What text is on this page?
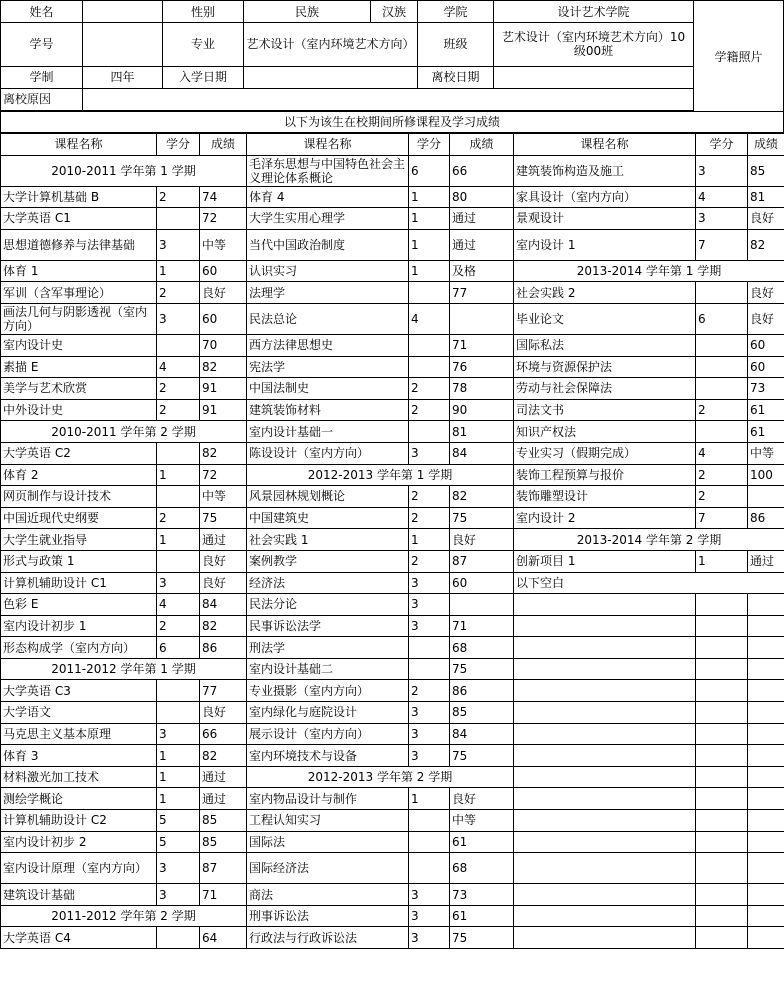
姓名		性别	民族	汉族	学院	设计艺术学院
学号		专业	艺术设计（室内环境艺术方向）		班级	艺术设计（室内环境艺术方向）10级00班
学制	四年	入学日期			离校日期	
离校原因						
学籍照片
以下为该生在校期间所修课程及学习成绩
课程名称	学分	成绩	课程名称	学分	成绩	课程名称	学分	成绩
2010-2011 学年第 1 学期			毛泽东思想与中国特色社会主义理论体系概论	6	66	建筑装饰构造及施工	3	85
大学计算机基础 B	2	74	体育 4	1	80	家具设计（室内方向）	4	81
大学英语 C1		72	大学生实用心理学	1	通过	景观设计	3	良好
思想道德修养与法律基础	3	中等	当代中国政治制度	1	通过	室内设计 1	7	82
体育 1	1	60	认识实习	1	及格	2013-2014 学年第 1 学期		
军训（含军事理论）	2	良好	法理学		77	社会实践 2		良好
画法几何与阴影透视（室内方向）	3	60	民法总论	4		毕业论文	6	良好
室内设计史		70	西方法律思想史		71	国际私法		60
素描 E	4	82	宪法学		76	环境与资源保护法		60
美学与艺术欣赏	2	91	中国法制史	2	78	劳动与社会保障法		73
中外设计史	2	91	建筑装饰材料	2	90	司法文书	2	61
2010-2011 学年第 2 学期			室内设计基础一		81	知识产权法		61
大学英语 C2		82	陈设设计（室内方向）	3	84	专业实习（假期完成）	4	中等
体育 2	1	72	2012-2013 学年第 1 学期			装饰工程预算与报价	2	100
网页制作与设计技术		中等	风景园林规划概论	2	82	装饰雕塑设计	2	
中国近现代史纲要	2	75	中国建筑史	2	75	室内设计 2	7	86
大学生就业指导	1	通过	社会实践 1	1	良好	2013-2014 学年第 2 学期		
形式与政策 1		良好	案例教学	2	87	创新项目 1	1	通过
计算机辅助设计 C1	3	良好	经济法	3	60	以下空白		
色彩 E	4	84	民法分论	3				
室内设计初步 1	2	82	民事诉讼法学	3	71			
形态构成学（室内方向）	6	86	刑法学		68			
2011-2012 学年第 1 学期			室内设计基础二		75			
大学英语 C3		77	专业摄影（室内方向）	2	86			
大学语文		良好	室内绿化与庭院设计	3	85			
马克思主义基本原理	3	66	展示设计（室内方向）	3	84			
体育 3	1	82	室内环境技术与设备	3	75			
材料激光加工技术	1	通过	2012-2013 学年第 2 学期					
测绘学概论	1	通过	室内物品设计与制作	1	良好			
计算机辅助设计 C2	5	85	工程认知实习		中等			
室内设计初步 2	5	85	国际法		61			
室内设计原理（室内方向）	3	87	国际经济法		68			
建筑设计基础	3	71	商法	3	73			
2011-2012 学年第 2 学期			刑事诉讼法	3	61			
大学英语 C4		64	行政法与行政诉讼法	3	75			
